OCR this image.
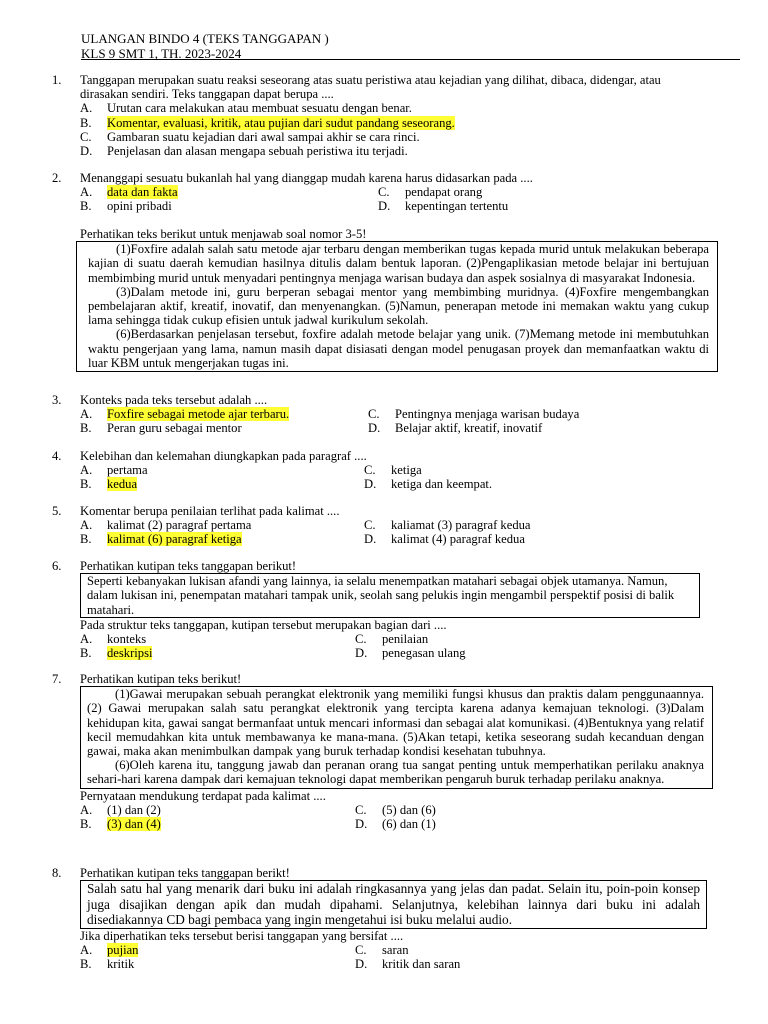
ULANGAN BINDO 4 (TEKS TANGGAPAN )
KLS 9 SMT 1, TH. 2023-2024
1. Tanggapan merupakan suatu reaksi seseorang atas suatu peristiwa atau kejadian yang dilihat, dibaca, didengar, atau dirasakan sendiri. Teks tanggapan dapat berupa ....
A. Urutan cara melakukan atau membuat sesuatu dengan benar.
B. Komentar, evaluasi, kritik, atau pujian dari sudut pandang seseorang.
C. Gambaran suatu kejadian dari awal sampai akhir se cara rinci.
D. Penjelasan dan alasan mengapa sebuah peristiwa itu terjadi.
2. Menanggapi sesuatu bukanlah hal yang dianggap mudah karena harus didasarkan pada ....
A. data dan fakta	C. pendapat orang
B. opini pribadi	D. kepentingan tertentu
Perhatikan teks berikut untuk menjawab soal nomor 3-5!
(1)Foxfire adalah salah satu metode ajar terbaru dengan memberikan tugas kepada murid untuk melakukan beberapa kajian di suatu daerah kemudian hasilnya ditulis dalam bentuk laporan. (2)Pengaplikasian metode belajar ini bertujuan membimbing murid untuk menyadari pentingnya menjaga warisan budaya dan aspek sosialnya di masyarakat Indonesia.
(3)Dalam metode ini, guru berperan sebagai mentor yang membimbing muridnya. (4)Foxfire mengembangkan pembelajaran aktif, kreatif, inovatif, dan menyenangkan. (5)Namun, penerapan metode ini memakan waktu yang cukup lama sehingga tidak cukup efisien untuk jadwal kurikulum sekolah.
(6)Berdasarkan penjelasan tersebut, foxfire adalah metode belajar yang unik. (7)Memang metode ini membutuhkan waktu pengerjaan yang lama, namun masih dapat disiasati dengan model penugasan proyek dan memanfaatkan waktu di luar KBM untuk mengerjakan tugas ini.
3. Konteks pada teks tersebut adalah ....
A. Foxfire sebagai metode ajar terbaru.	C. Pentingnya menjaga warisan budaya
B. Peran guru sebagai mentor	D. Belajar aktif, kreatif, inovatif
4. Kelebihan dan kelemahan diungkapkan pada paragraf ....
A. pertama	C. ketiga
B. kedua	D. ketiga dan keempat.
5. Komentar berupa penilaian terlihat pada kalimat ....
A. kalimat (2) paragraf pertama	C. kaliamat (3) paragraf kedua
B. kalimat (6) paragraf ketiga	D. kalimat (4) paragraf kedua
6. Perhatikan kutipan teks tanggapan berikut!
Seperti kebanyakan lukisan afandi yang lainnya, ia selalu menempatkan matahari sebagai objek utamanya. Namun, dalam lukisan ini, penempatan matahari tampak unik, seolah sang pelukis ingin mengambil perspektif posisi di balik matahari.
Pada struktur teks tanggapan, kutipan tersebut merupakan bagian dari ....
A. konteks	C. penilaian
B. deskripsi	D. penegasan ulang
7. Perhatikan kutipan teks berikut!
(1)Gawai merupakan sebuah perangkat elektronik yang memiliki fungsi khusus dan praktis dalam penggunaannya. (2) Gawai merupakan salah satu perangkat elektronik yang tercipta karena adanya kemajuan teknologi. (3)Dalam kehidupan kita, gawai sangat bermanfaat untuk mencari informasi dan sebagai alat komunikasi. (4)Bentuknya yang relatif kecil memudahkan kita untuk membawanya ke mana-mana. (5)Akan tetapi, ketika seseorang sudah kecanduan dengan gawai, maka akan menimbulkan dampak yang buruk terhadap kondisi kesehatan tubuhnya.
(6)Oleh karena itu, tanggung jawab dan peranan orang tua sangat penting untuk memperhatikan perilaku anaknya sehari-hari karena dampak dari kemajuan teknologi dapat memberikan pengaruh buruk terhadap perilaku anaknya.
Pernyataan mendukung terdapat pada kalimat ....
A. (1) dan (2)	C. (5) dan (6)
B. (3) dan (4)	D. (6) dan (1)
8. Perhatikan kutipan teks tanggapan berikt!
Salah satu hal yang menarik dari buku ini adalah ringkasannya yang jelas dan padat. Selain itu, poin-poin konsep juga disajikan dengan apik dan mudah dipahami. Selanjutnya, kelebihan lainnya dari buku ini adalah disediakannya CD bagi pembaca yang ingin mengetahui isi buku melalui audio.
Jika diperhatikan teks tersebut berisi tanggapan yang bersifat ....
A. pujian	C. saran
B. kritik	D. kritik dan saran
